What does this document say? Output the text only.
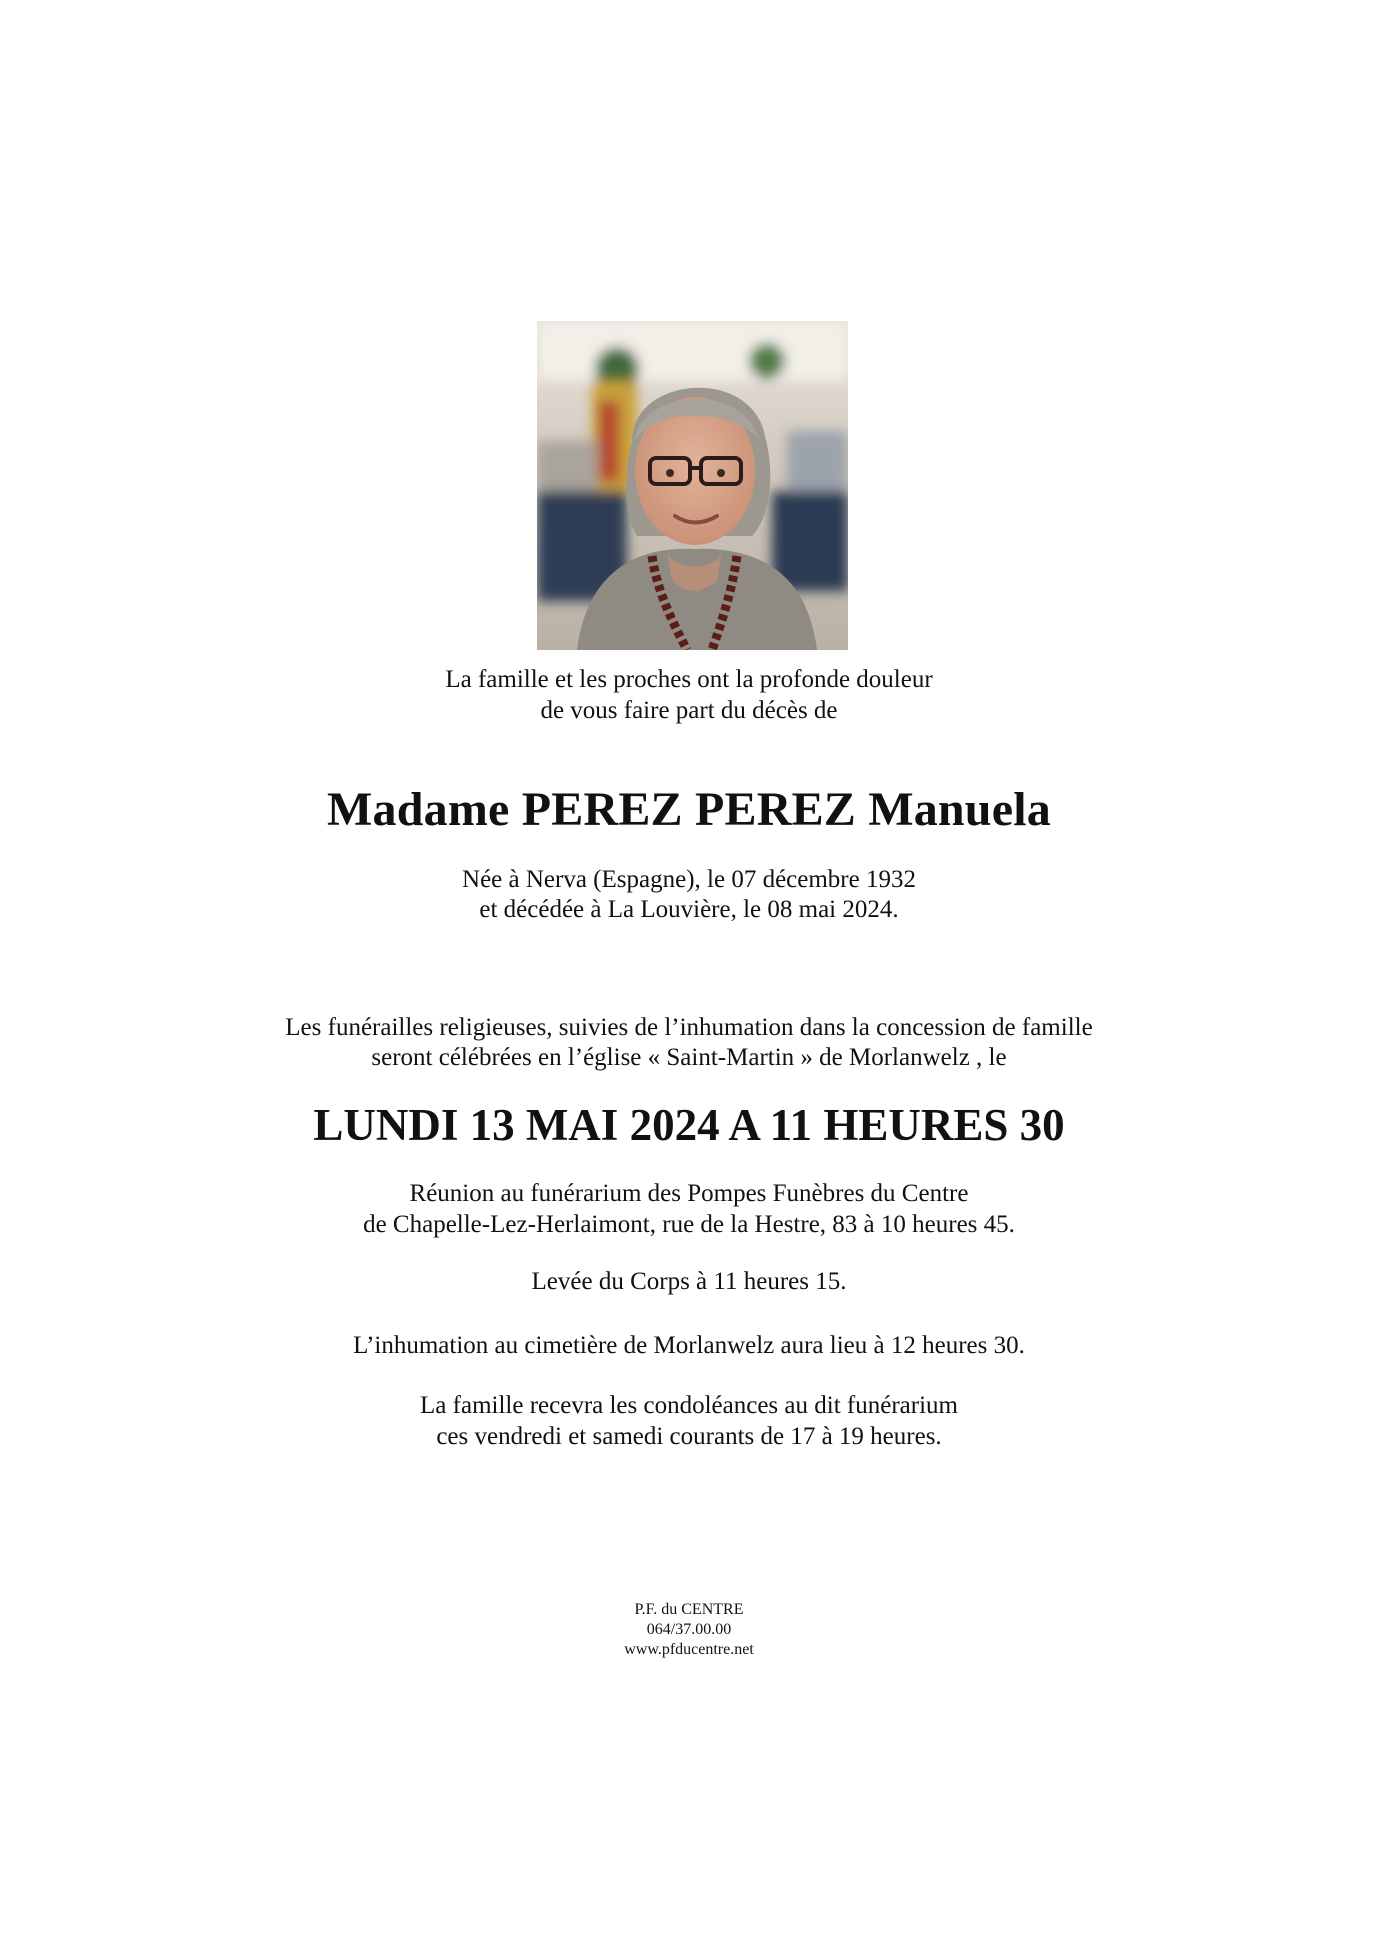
La famille et les proches ont la profonde douleur
de vous faire part du décès de
Madame PEREZ PEREZ Manuela
Née à Nerva (Espagne), le 07 décembre 1932
et décédée à La Louvière, le 08 mai 2024.
Les funérailles religieuses, suivies de l’inhumation dans la concession de famille
seront célébrées en l’église « Saint-Martin » de Morlanwelz , le
LUNDI 13 MAI 2024 A 11 HEURES 30
Réunion au funérarium des Pompes Funèbres du Centre
de Chapelle-Lez-Herlaimont, rue de la Hestre, 83 à 10 heures 45.
Levée du Corps à 11 heures 15.
L’inhumation au cimetière de Morlanwelz aura lieu à 12 heures 30.
La famille recevra les condoléances au dit funérarium
ces vendredi et samedi courants de 17 à 19 heures.
P.F. du CENTRE
064/37.00.00
www.pfducentre.net
